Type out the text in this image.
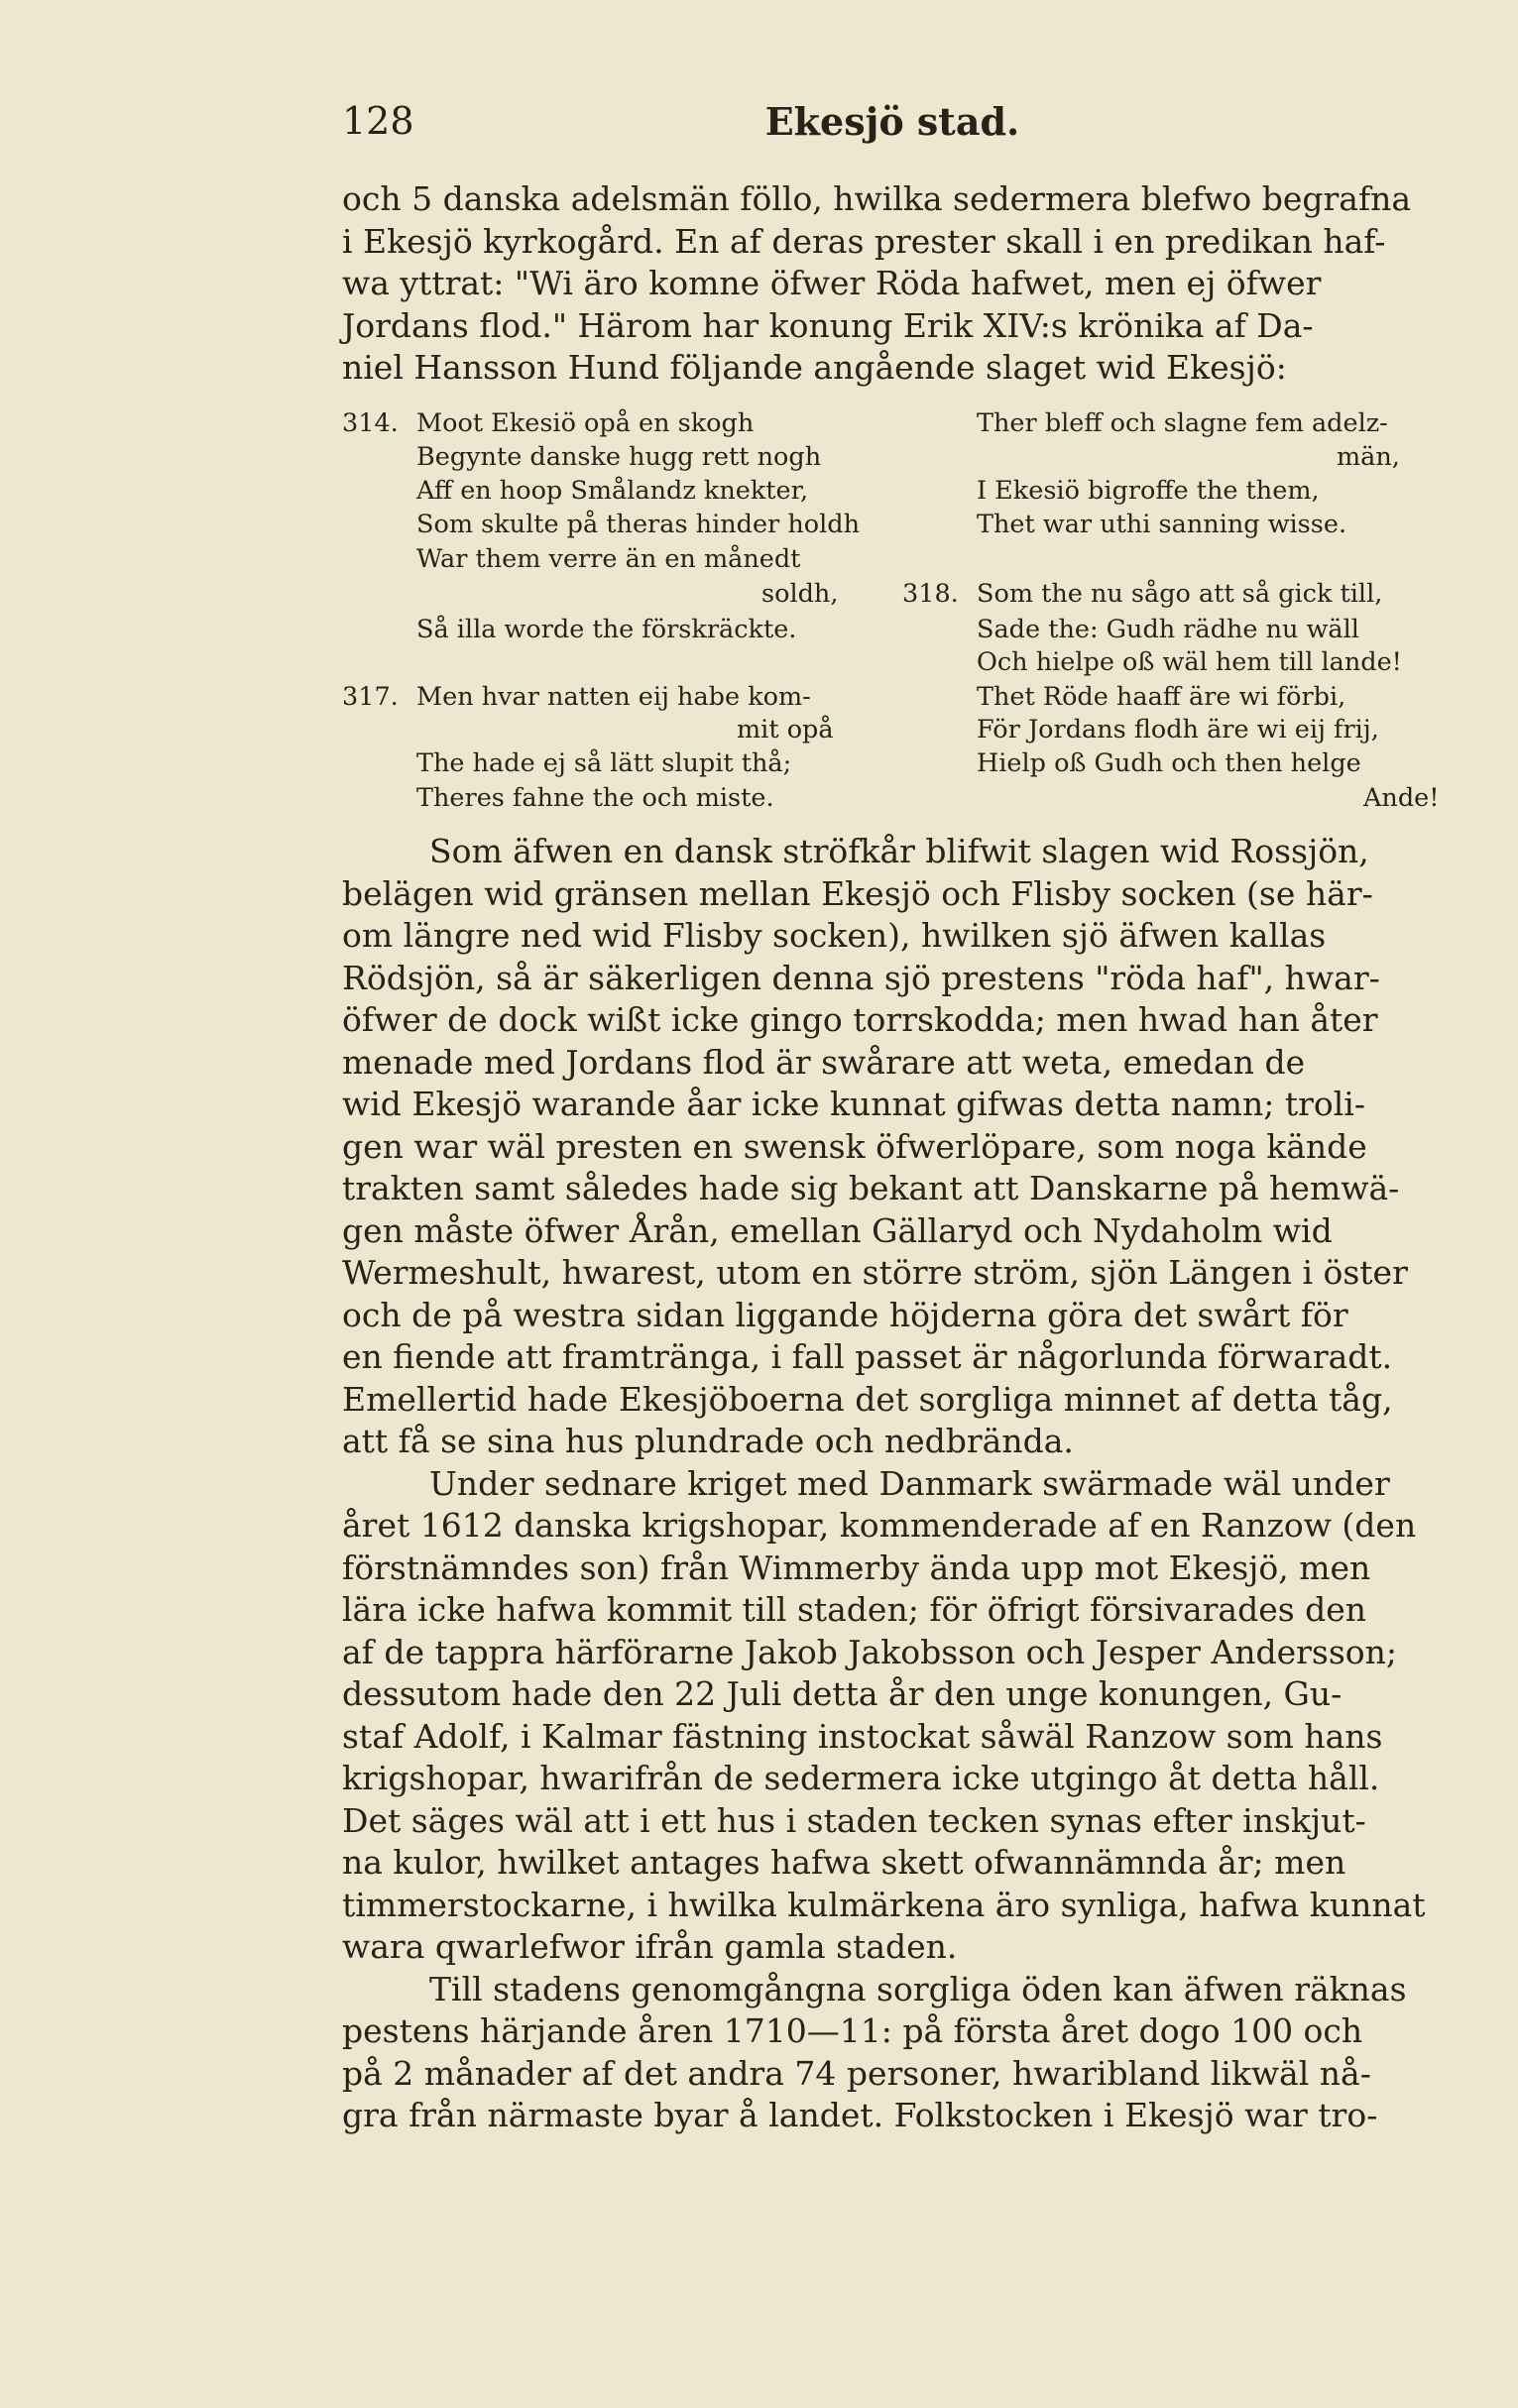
128	Ekesjö stad.

och 5 danska adelsmän föllo, hwilka sedermera blefwo begrafna

i Ekesjö kyrkogård. En af deras prester skall i en predikan haf-

wa yttrat: "Wi äro komne öfwer Röda hafwet, men ej öfwer

Jordans flod." Härom har konung Erik XIV:s krönika af Da-

niel Hansson Hund följande angående slaget wid Ekesjö:

314.
317.
318.
Moot Ekesiö opå en skogh
Begynte danske hugg rett nogh
Aff en hoop Smålandz knekter,
Som skulte på theras hinder holdh
War them verre än en månedt
soldh,
Så illa worde the förskräckte.
Men hvar natten eij habe kom-
mit opå
The hade ej så lätt slupit thå;
Theres fahne the och miste.
Ther bleff och slagne fem adelz-
män,
I Ekesiö bigroffe the them,
Thet war uthi sanning wisse.
Som the nu sågo att så gick till,
Sade the: Gudh rädhe nu wäll
Och hielpe oß wäl hem till lande!
Thet Röde haaff äre wi förbi,
För Jordans flodh äre wi eij frij,
Hielp oß Gudh och then helge
Ande!

Som äfwen en dansk ströfkår blifwit slagen wid Rossjön,

belägen wid gränsen mellan Ekesjö och Flisby socken (se här-

om längre ned wid Flisby socken), hwilken sjö äfwen kallas

Rödsjön, så är säkerligen denna sjö prestens "röda haf", hwar-

öfwer de dock wißt icke gingo torrskodda; men hwad han åter

menade med Jordans flod är swårare att weta, emedan de

wid Ekesjö warande åar icke kunnat gifwas detta namn; troli-

gen war wäl presten en swensk öfwerlöpare, som noga kände

trakten samt således hade sig bekant att Danskarne på hemwä-

gen måste öfwer Årån, emellan Gällaryd och Nydaholm wid

Wermeshult, hwarest, utom en större ström, sjön Längen i öster

och de på westra sidan liggande höjderna göra det swårt för

en fiende att framtränga, i fall passet är någorlunda förwaradt.

Emellertid hade Ekesjöboerna det sorgliga minnet af detta tåg,

att få se sina hus plundrade och nedbrända.

Under sednare kriget med Danmark swärmade wäl under

året 1612 danska krigshopar, kommenderade af en Ranzow (den

förstnämndes son) från Wimmerby ända upp mot Ekesjö, men

lära icke hafwa kommit till staden; för öfrigt försivarades den

af de tappra härförarne Jakob Jakobsson och Jesper Andersson;

dessutom hade den 22 Juli detta år den unge konungen, Gu-

staf Adolf, i Kalmar fästning instockat såwäl Ranzow som hans

krigshopar, hwarifrån de sedermera icke utgingo åt detta håll.

Det säges wäl att i ett hus i staden tecken synas efter inskjut-

na kulor, hwilket antages hafwa skett ofwannämnda år; men

timmerstockarne, i hwilka kulmärkena äro synliga, hafwa kunnat

wara qwarlefwor ifrån gamla staden.

Till stadens genomgångna sorgliga öden kan äfwen räknas

pestens härjande åren 1710—11: på första året dogo 100 och

på 2 månader af det andra 74 personer, hwaribland likwäl nå-

gra från närmaste byar å landet. Folkstocken i Ekesjö war tro-
